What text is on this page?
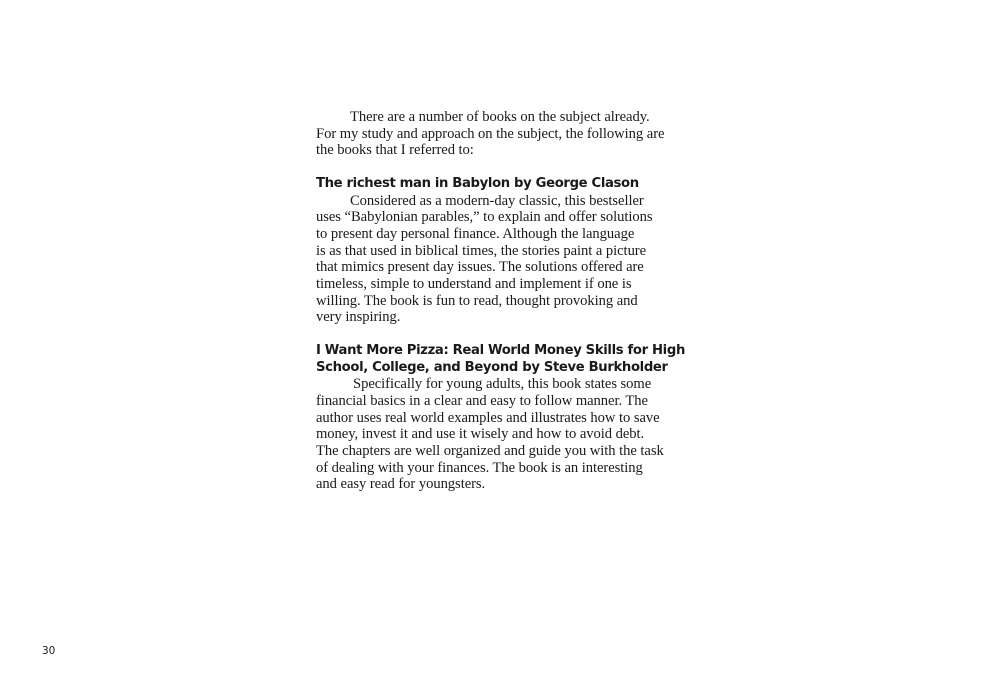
There are a number of books on the subject already.
For my study and approach on the subject, the following are
the books that I referred to:

The richest man in Babylon by George Clason

Considered as a modern-day classic, this bestseller
uses “Babylonian parables,” to explain and offer solutions
to present day personal finance. Although the language
is as that used in biblical times, the stories paint a picture
that mimics present day issues. The solutions offered are
timeless, simple to understand and implement if one is
willing. The book is fun to read, thought provoking and
very inspiring.

I Want More Pizza: Real World Money Skills for High
School, College, and Beyond by Steve Burkholder

Specifically for young adults, this book states some
financial basics in a clear and easy to follow manner. The
author uses real world examples and illustrates how to save
money, invest it and use it wisely and how to avoid debt.
The chapters are well organized and guide you with the task
of dealing with your finances. The book is an interesting
and easy read for youngsters.

30
